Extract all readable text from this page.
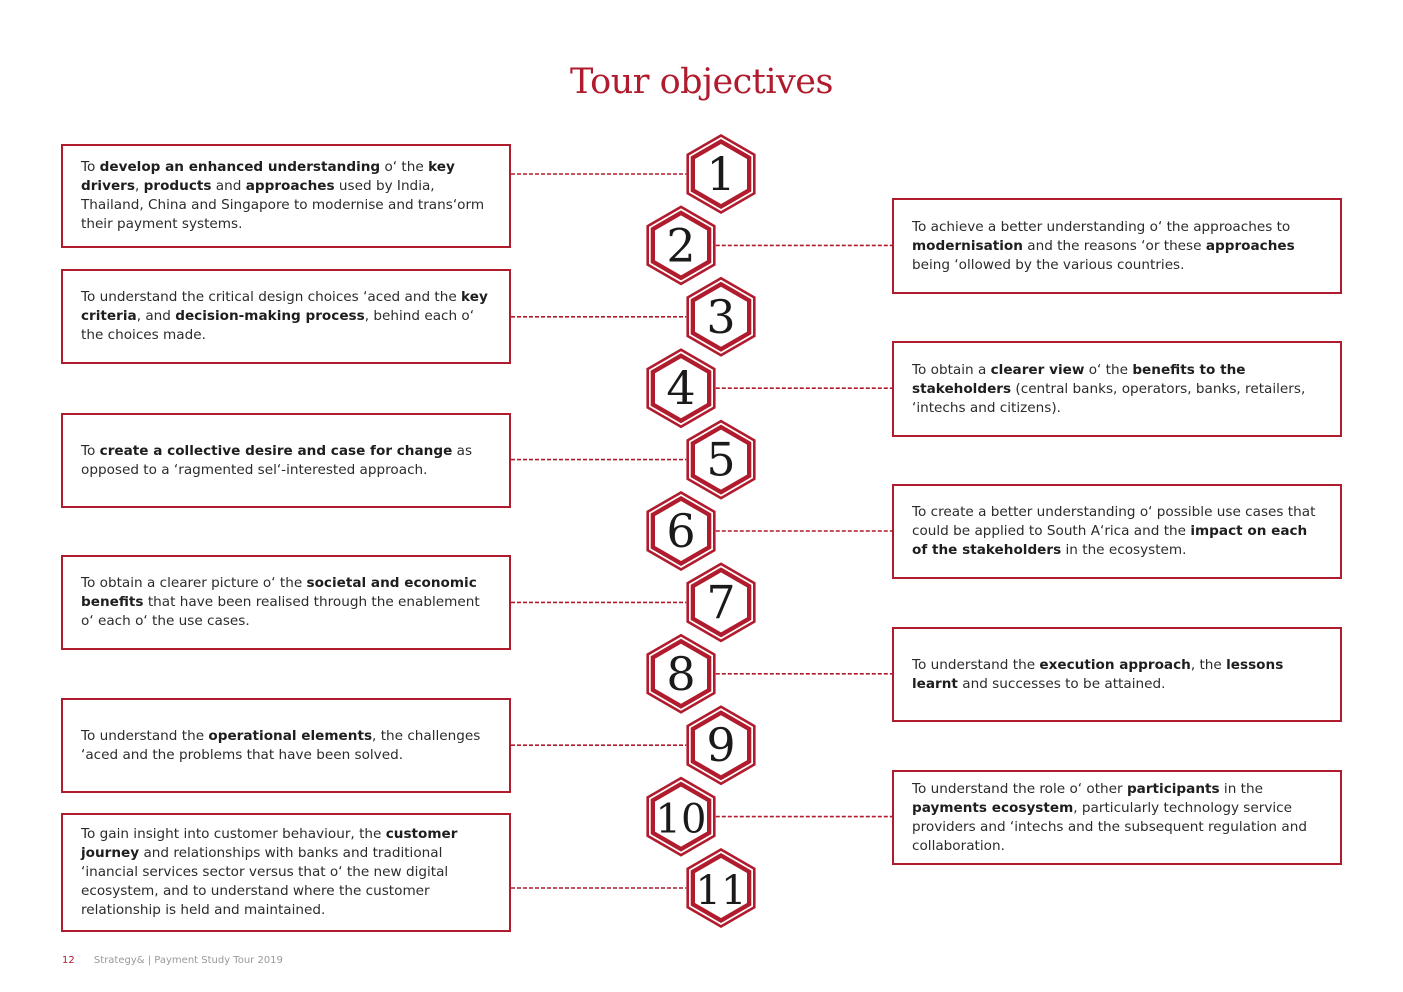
Tour objectives
1
2
3
4
5
6
7
8
9
10
11
To develop an enhanced understanding o‘ the key drivers, products and approaches used by India, Thailand, China and Singapore to modernise and trans‘orm their payment systems.	To achieve a better understanding o‘ the approaches to modernisation and the reasons ‘or these approaches being ‘ollowed by the various countries.
To understand the critical design choices ‘aced and the key criteria, and decision-making process, behind each o‘ the choices made.
To obtain a clearer view o‘ the benefits to the stakeholders (central banks, operators, banks, retailers, ‘intechs and citizens).
To create a collective desire and case for change as opposed to a ‘ragmented sel‘-interested approach.
To create a better understanding o‘ possible use cases that could be applied to South A‘rica and the impact on each of the stakeholders in the ecosystem.
To obtain a clearer picture o‘ the societal and economic benefits that have been realised through the enablement o‘ each o‘ the use cases.
To understand the execution approach, the lessons learnt and successes to be attained.
To understand the operational elements, the challenges ‘aced and the problems that have been solved.
To understand the role o‘ other participants in the payments ecosystem, particularly technology service providers and ‘intechs and the subsequent regulation and collaboration.
To gain insight into customer behaviour, the customer journey and relationships with banks and traditional ‘inancial services sector versus that o‘ the new digital ecosystem, and to understand where the customer relationship is held and maintained.
12 Strategy& | Payment Study Tour 2019
